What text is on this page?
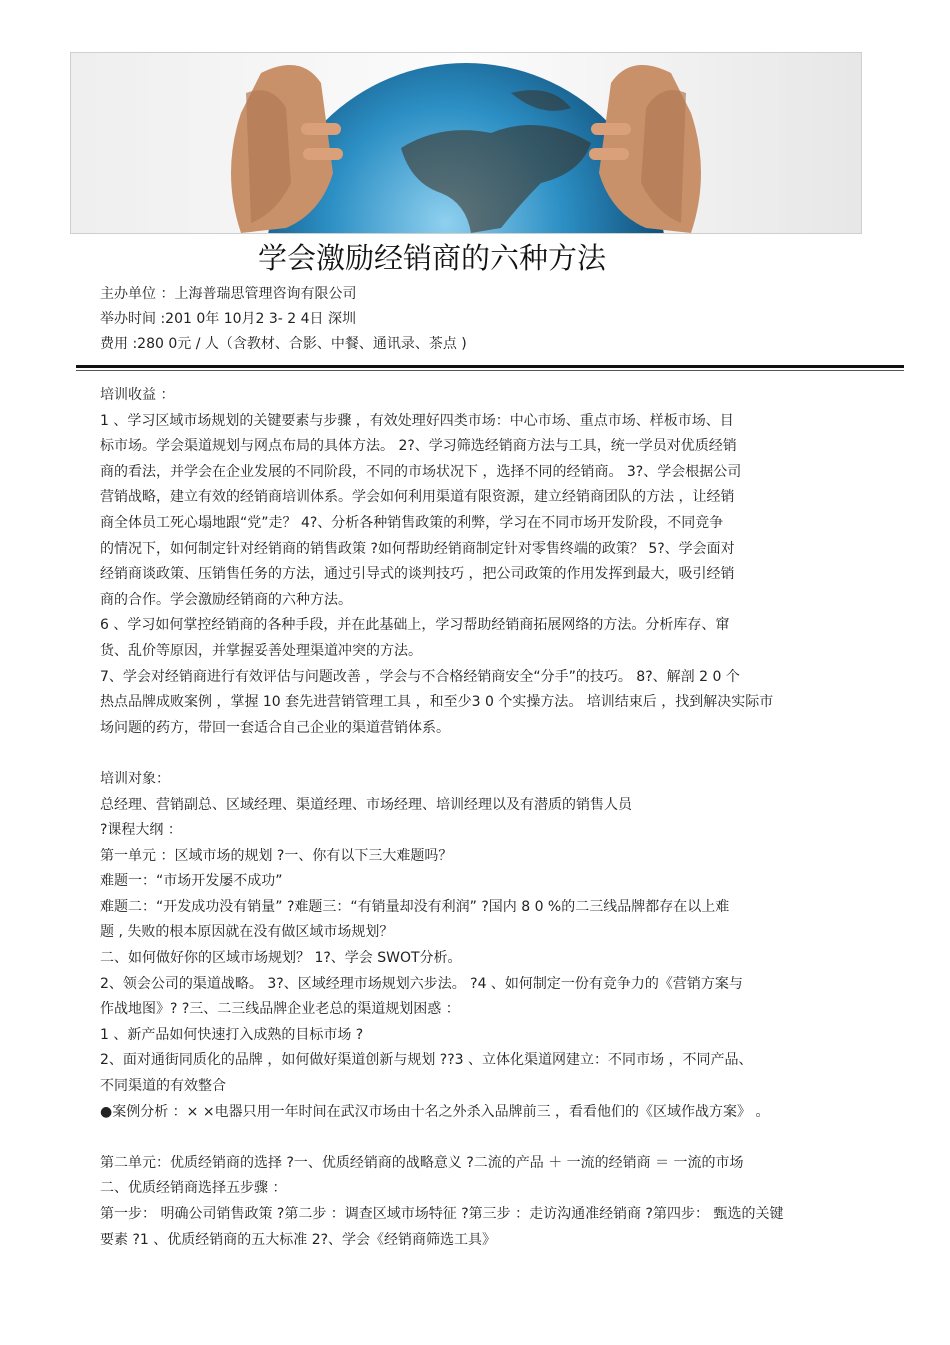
学会激励经销商的六种方法
主办单位 ：上海普瑞思管理咨询有限公司
举办时间 :201 0年 10月2 3- 2 4日 深圳
费用 :280 0元 / 人（含教材、合影、中餐、通讯录、茶点 )

培训收益 ：

1 、学习区域市场规划的关键要素与步骤 ，有效处理好四类市场：中心市场、重点市场、样板市场、目

标市场。学会渠道规划与网点布局的具体方法。 2?、学习筛选经销商方法与工具，统一学员对优质经销

商的看法，并学会在企业发展的不同阶段，不同的市场状况下 ，选择不同的经销商。 3?、学会根据公司

营销战略，建立有效的经销商培训体系。学会如何利用渠道有限资源，建立经销商团队的方法 ，让经销

商全体员工死心塌地跟“党”走？ 4?、分析各种销售政策的利弊，学习在不同市场开发阶段，不同竞争

的情况下，如何制定针对经销商的销售政策 ?如何帮助经销商制定针对零售终端的政策？ 5?、学会面对

经销商谈政策、压销售任务的方法，通过引导式的谈判技巧 ，把公司政策的作用发挥到最大，吸引经销

商的合作。学会激励经销商的六种方法。

6 、学习如何掌控经销商的各种手段，并在此基础上，学习帮助经销商拓展网络的方法。分析库存、窜

货、乱价等原因，并掌握妥善处理渠道冲突的方法。

7、学会对经销商进行有效评估与问题改善 ，学会与不合格经销商安全“分手”的技巧。 8?、解剖 2 0 个

热点品牌成败案例 ，掌握 10 套先进营销管理工具 ，和至少3 0 个实操方法。 培训结束后 ，找到解决实际市

场问题的药方，带回一套适合自己企业的渠道营销体系。

培训对象：

总经理、营销副总、区域经理、渠道经理、市场经理、培训经理以及有潜质的销售人员

?课程大纲 ：

第一单元 ：区域市场的规划 ?一、你有以下三大难题吗？

难题一：“市场开发屡不成功”

难题二：“开发成功没有销量” ?难题三：“有销量却没有利润” ?国内 8 0 %的二三线品牌都存在以上难

题 , 失败的根本原因就在没有做区域市场规划？

二、如何做好你的区域市场规划？ 1?、学会 SWOT分析。

2、领会公司的渠道战略。 3?、区域经理市场规划六步法。 ?4 、如何制定一份有竞争力的《营销方案与

作战地图》? ?三、二三线品牌企业老总的渠道规划困惑 ：

1 、新产品如何快速打入成熟的目标市场 ?

2、面对通街同质化的品牌 ，如何做好渠道创新与规划 ??3 、立体化渠道网建立：不同市场 ，不同产品、

不同渠道的有效整合

●案例分析 ：× ×电器只用一年时间在武汉市场由十名之外杀入品牌前三 ，看看他们的《区域作战方案》 。

第二单元：优质经销商的选择 ?一、优质经销商的战略意义 ?二流的产品 ＋ 一流的经销商 ＝ 一流的市场

二、优质经销商选择五步骤 ：

第一步： 明确公司销售政策 ?第二步 ：调查区域市场特征 ?第三步 ：走访沟通准经销商 ?第四步： 甄选的关键

要素 ?1 、优质经销商的五大标准 2?、学会《经销商筛选工具》
